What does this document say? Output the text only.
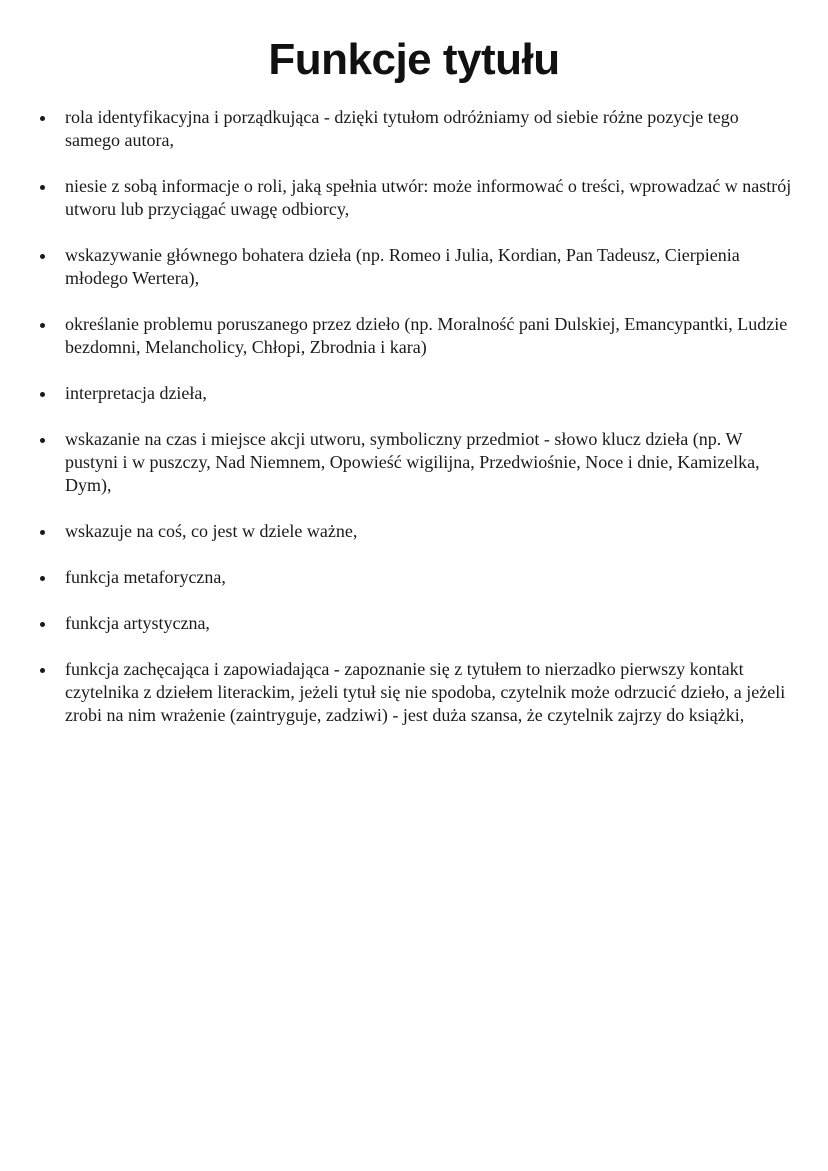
Funkcje tytułu
rola identyfikacyjna i porządkująca - dzięki tytułom odróżniamy od siebie różne pozycje tego samego autora,
niesie z sobą informacje o roli, jaką spełnia utwór: może informować o treści, wprowadzać w nastrój utworu lub przyciągać uwagę odbiorcy,
wskazywanie głównego bohatera dzieła (np. Romeo i Julia, Kordian, Pan Tadeusz, Cierpienia młodego Wertera),
określanie problemu poruszanego przez dzieło (np. Moralność pani Dulskiej, Emancypantki, Ludzie bezdomni, Melancholicy, Chłopi, Zbrodnia i kara)
interpretacja dzieła,
wskazanie na czas i miejsce akcji utworu, symboliczny przedmiot - słowo klucz dzieła (np. W pustyni i w puszczy, Nad Niemnem, Opowieść wigilijna, Przedwiośnie, Noce i dnie, Kamizelka, Dym),
wskazuje na coś, co jest w dziele ważne,
funkcja metaforyczna,
funkcja artystyczna,
funkcja zachęcająca i zapowiadająca - zapoznanie się z tytułem to nierzadko pierwszy kontakt czytelnika z dziełem literackim, jeżeli tytuł się nie spodoba, czytelnik może odrzucić dzieło, a jeżeli zrobi na nim wrażenie (zaintryguje, zadziwi) - jest duża szansa, że czytelnik zajrzy do książki,
